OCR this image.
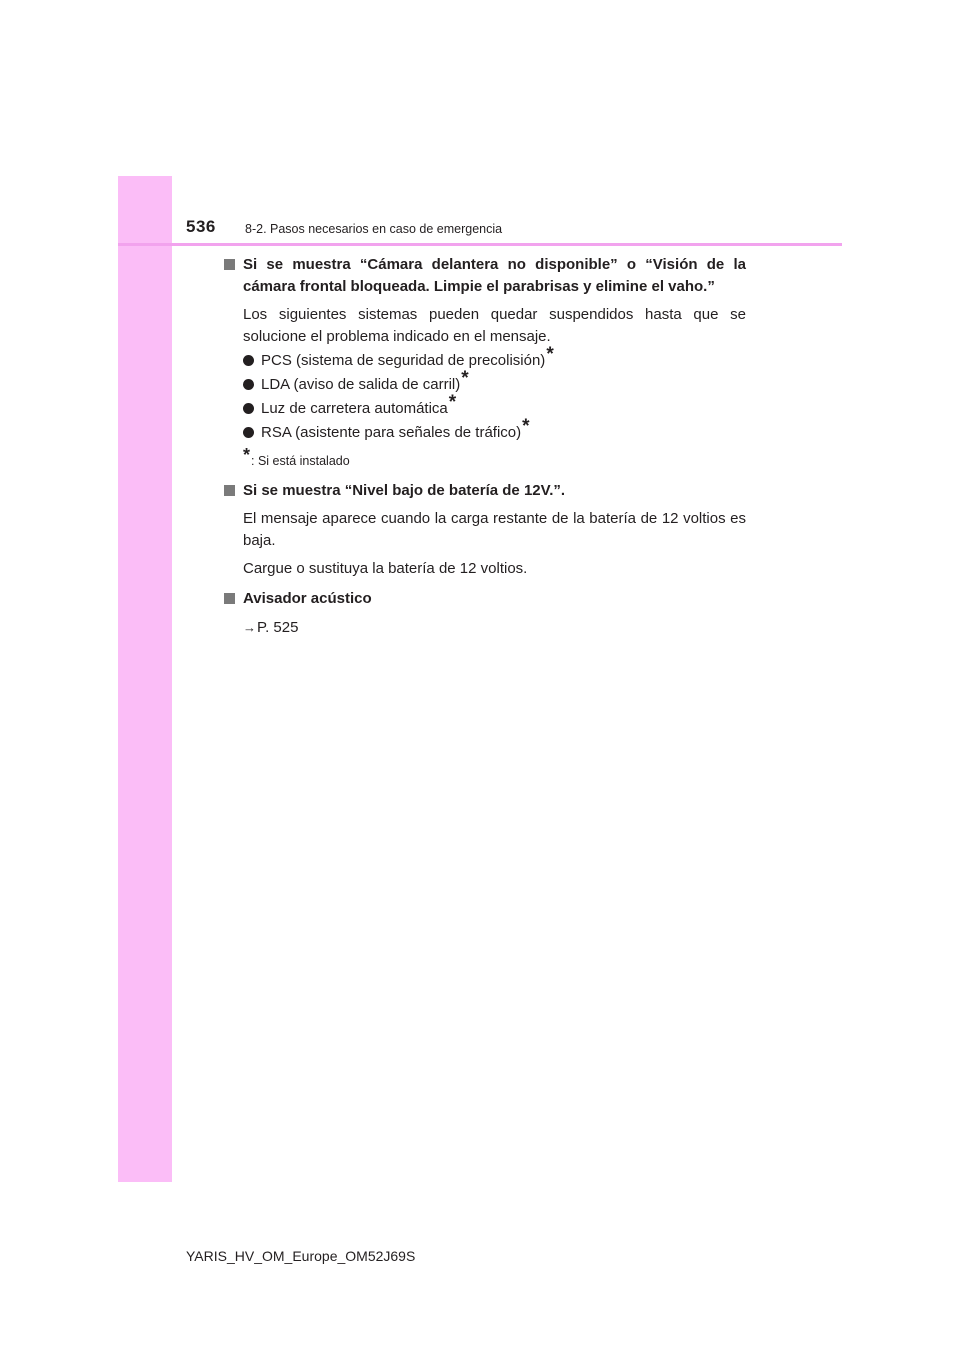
536 8-2. Pasos necesarios en caso de emergencia
Si se muestra “Cámara delantera no disponible” o “Visión de la cámara frontal bloqueada. Limpie el parabrisas y elimine el vaho.”
Los siguientes sistemas pueden quedar suspendidos hasta que se solucione el problema indicado en el mensaje.
PCS (sistema de seguridad de precolisión)*
LDA (aviso de salida de carril)*
Luz de carretera automática*
RSA (asistente para señales de tráfico)*
*: Si está instalado
Si se muestra “Nivel bajo de batería de 12V.”.
El mensaje aparece cuando la carga restante de la batería de 12 voltios es baja.
Cargue o sustituya la batería de 12 voltios.
Avisador acústico
→P. 525
YARIS_HV_OM_Europe_OM52J69S
